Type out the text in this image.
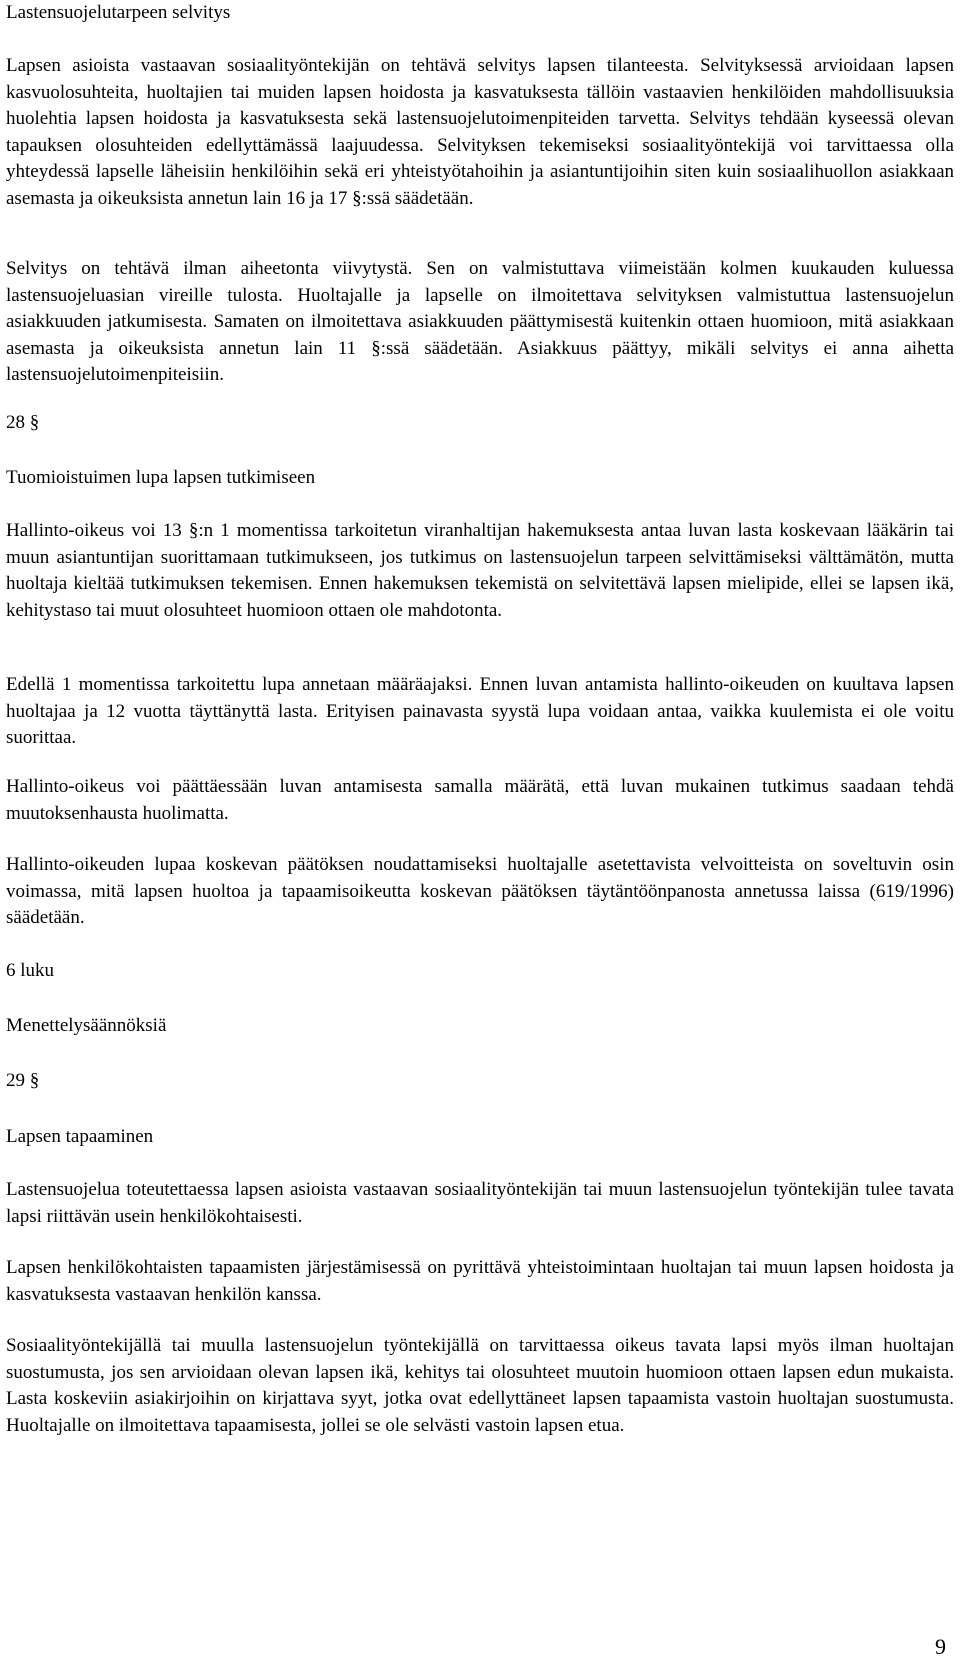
Lastensuojelutarpeen selvitys

Lapsen asioista vastaavan sosiaalityöntekijän on tehtävä selvitys lapsen tilanteesta. Selvityksessä arvioidaan lapsen kasvuolosuhteita, huoltajien tai muiden lapsen hoidosta ja kasvatuksesta tällöin vastaavien henkilöiden mahdollisuuksia huolehtia lapsen hoidosta ja kasvatuksesta sekä lastensuojelutoimenpiteiden tarvetta. Selvitys tehdään kyseessä olevan tapauksen olosuhteiden edellyttämässä laajuudessa. Selvityksen tekemiseksi sosiaalityöntekijä voi tarvittaessa olla yhteydessä lapselle läheisiin henkilöihin sekä eri yhteistyötahoihin ja asiantuntijoihin siten kuin sosiaalihuollon asiakkaan asemasta ja oikeuksista annetun lain 16 ja 17 §:ssä säädetään.

Selvitys on tehtävä ilman aiheetonta viivytystä. Sen on valmistuttava viimeistään kolmen kuukauden kuluessa lastensuojeluasian vireille tulosta. Huoltajalle ja lapselle on ilmoitettava selvityksen valmistuttua lastensuojelun asiakkuuden jatkumisesta. Samaten on ilmoitettava asiakkuuden päättymisestä kuitenkin ottaen huomioon, mitä asiakkaan asemasta ja oikeuksista annetun lain 11 §:ssä säädetään. Asiakkuus päättyy, mikäli selvitys ei anna aihetta lastensuojelutoimenpiteisiin.

28 §

Tuomioistuimen lupa lapsen tutkimiseen

Hallinto-oikeus voi 13 §:n 1 momentissa tarkoitetun viranhaltijan hakemuksesta antaa luvan lasta koskevaan lääkärin tai muun asiantuntijan suorittamaan tutkimukseen, jos tutkimus on lastensuojelun tarpeen selvittämiseksi välttämätön, mutta huoltaja kieltää tutkimuksen tekemisen. Ennen hakemuksen tekemistä on selvitettävä lapsen mielipide, ellei se lapsen ikä, kehitystaso tai muut olosuhteet huomioon ottaen ole mahdotonta.

Edellä 1 momentissa tarkoitettu lupa annetaan määräajaksi. Ennen luvan antamista hallinto-oikeuden on kuultava lapsen huoltajaa ja 12 vuotta täyttänyttä lasta. Erityisen painavasta syystä lupa voidaan antaa, vaikka kuulemista ei ole voitu suorittaa.

Hallinto-oikeus voi päättäessään luvan antamisesta samalla määrätä, että luvan mukainen tutkimus saadaan tehdä muutoksenhausta huolimatta.

Hallinto-oikeuden lupaa koskevan päätöksen noudattamiseksi huoltajalle asetettavista velvoitteista on soveltuvin osin voimassa, mitä lapsen huoltoa ja tapaamisoikeutta koskevan päätöksen täytäntöönpanosta annetussa laissa (619/1996) säädetään.

6 luku

Menettelysäännöksiä

29 §

Lapsen tapaaminen

Lastensuojelua toteutettaessa lapsen asioista vastaavan sosiaalityöntekijän tai muun lastensuojelun työntekijän tulee tavata lapsi riittävän usein henkilökohtaisesti.

Lapsen henkilökohtaisten tapaamisten järjestämisessä on pyrittävä yhteistoimintaan huoltajan tai muun lapsen hoidosta ja kasvatuksesta vastaavan henkilön kanssa.

Sosiaalityöntekijällä tai muulla lastensuojelun työntekijällä on tarvittaessa oikeus tavata lapsi myös ilman huoltajan suostumusta, jos sen arvioidaan olevan lapsen ikä, kehitys tai olosuhteet muutoin huomioon ottaen lapsen edun mukaista. Lasta koskeviin asiakirjoihin on kirjattava syyt, jotka ovat edellyttäneet lapsen tapaamista vastoin huoltajan suostumusta. Huoltajalle on ilmoitettava tapaamisesta, jollei se ole selvästi vastoin lapsen etua.

9
